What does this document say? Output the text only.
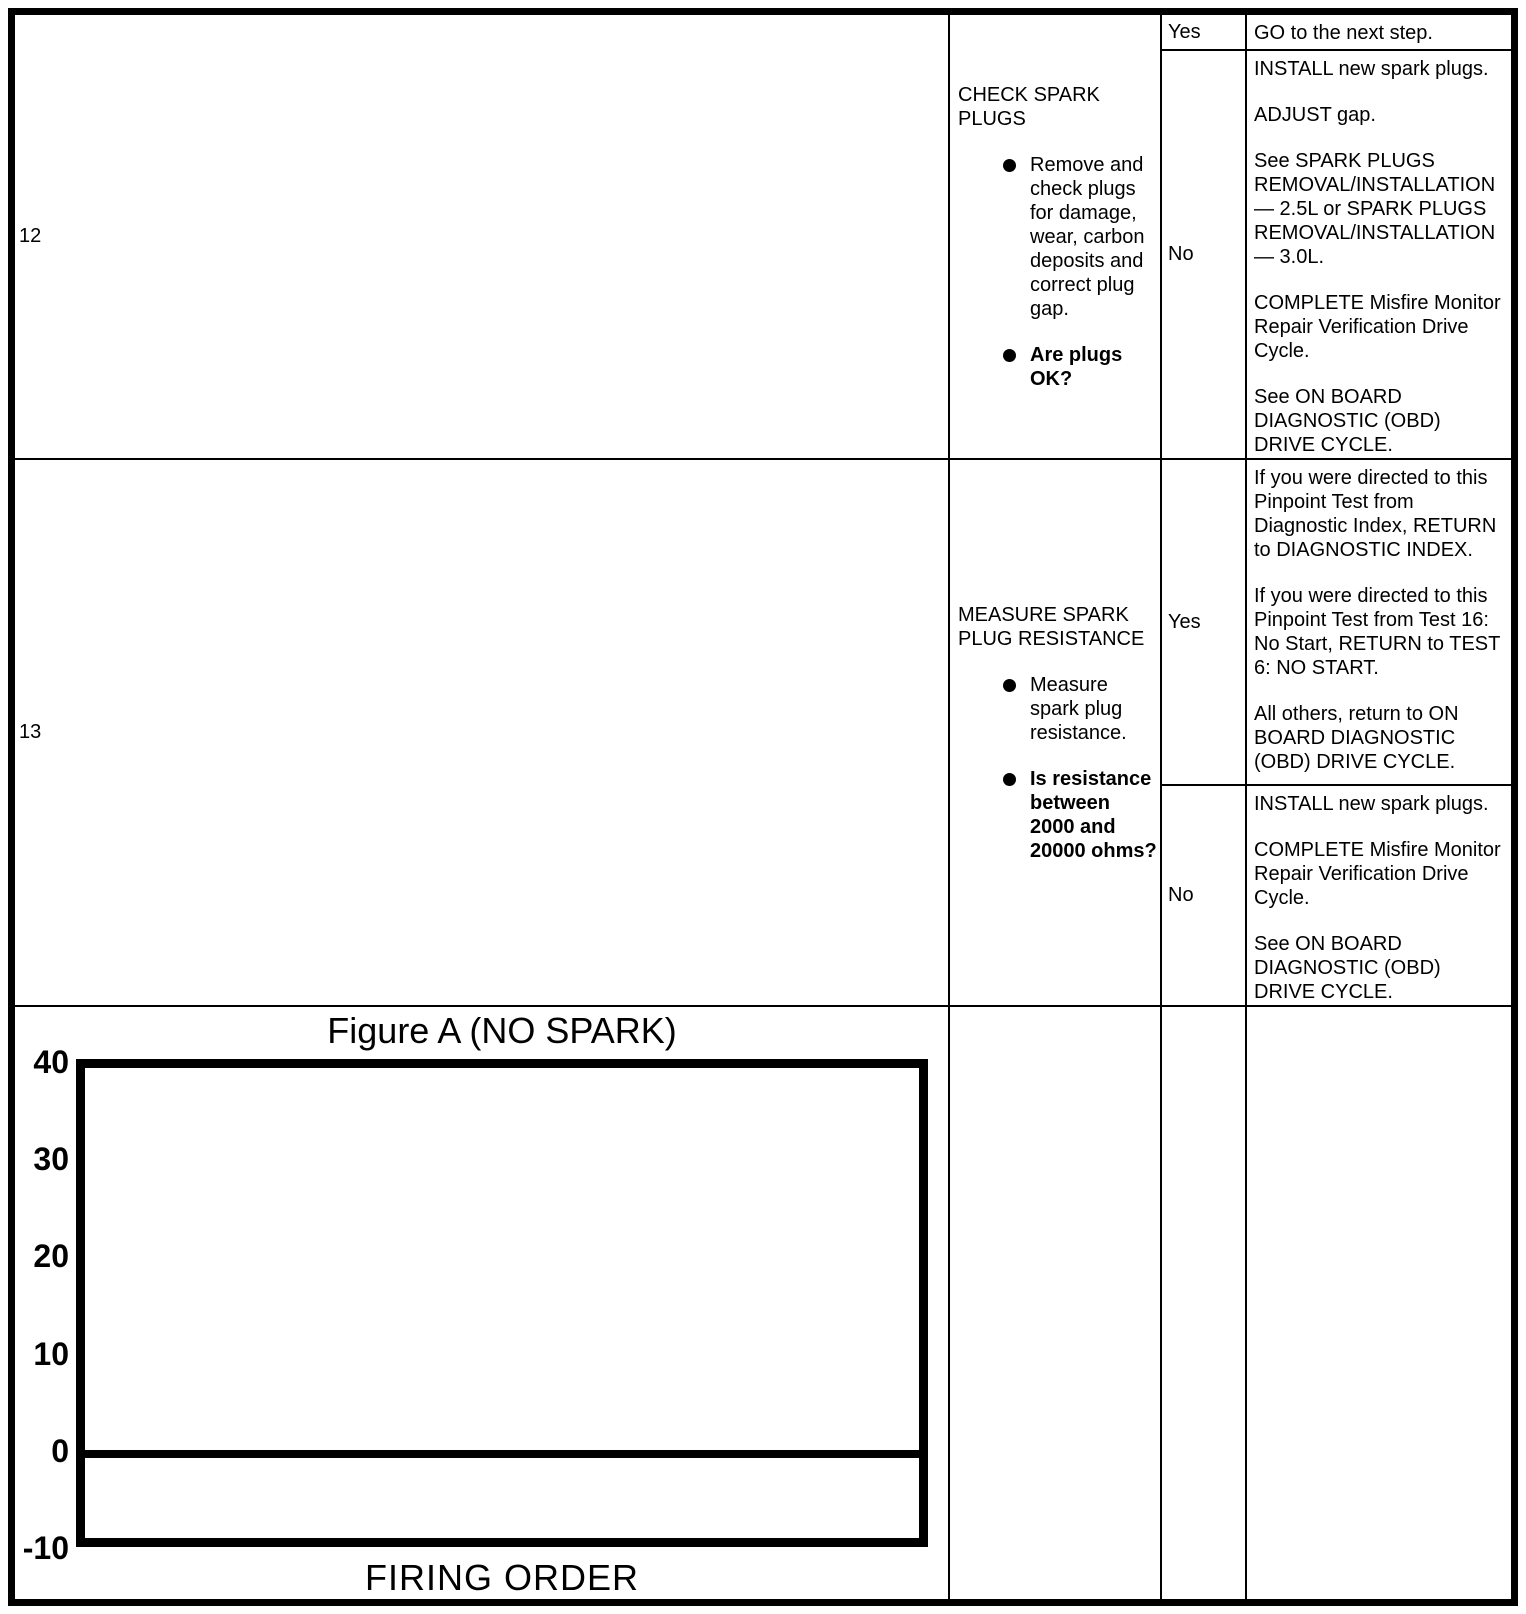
12

CHECK SPARK PLUGS

Remove and check plugs for damage, wear, carbon deposits and correct plug gap.
Are plugs OK?
Yes	GO to the next step.

No

INSTALL new spark plugs.

ADJUST gap.

See SPARK PLUGS REMOVAL/INSTALLATION — 2.5L or SPARK PLUGS REMOVAL/INSTALLATION — 3.0L.

COMPLETE Misfire Monitor Repair Verification Drive Cycle.

See ON BOARD DIAGNOSTIC (OBD) DRIVE CYCLE.

13

MEASURE SPARK PLUG RESISTANCE

Measure spark plug resistance.
Is resistance between 2000 and 20000 ohms?
Yes

If you were directed to this Pinpoint Test from Diagnostic Index, RETURN to DIAGNOSTIC INDEX.

If you were directed to this Pinpoint Test from Test 16: No Start, RETURN to TEST 6: NO START.

All others, return to ON BOARD DIAGNOSTIC (OBD) DRIVE CYCLE.

No

INSTALL new spark plugs.

COMPLETE Misfire Monitor Repair Verification Drive Cycle.

See ON BOARD DIAGNOSTIC (OBD) DRIVE CYCLE.

Figure A (NO SPARK)
40
30
20
10
0
-10
FIRING ORDER
